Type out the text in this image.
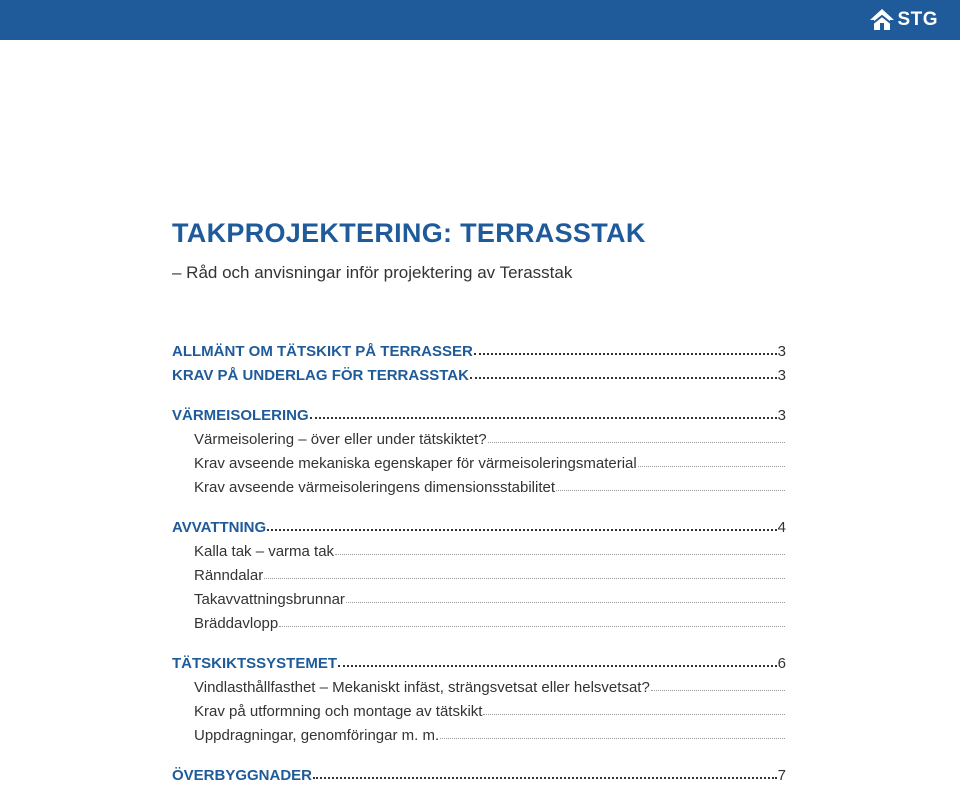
STG
TAKPROJEKTERING: TERRASSTAK
– Råd och anvisningar inför projektering av Terasstak
ALLMÄNT OM TÄTSKIKT PÅ TERRASSER	3
KRAV PÅ UNDERLAG FÖR TERRASSTAK	3
VÄRMEISOLERING	3
Värmeisolering – över eller under tätskiktet?
Krav avseende mekaniska egenskaper för värmeisoleringsmaterial
Krav avseende värmeisoleringens dimensionsstabilitet
AVVATTNING	4
Kalla tak – varma tak
Ränndalar
Takavvattningsbrunnar
Bräddavlopp
TÄTSKIKTSSYSTEMET	6
Vindlasthållfasthet – Mekaniskt infäst, strängsvetsat eller helsvetsat?
Krav på utformning och montage av tätskikt
Uppdragningar, genomföringar m. m.
ÖVERBYGGNADER	7
